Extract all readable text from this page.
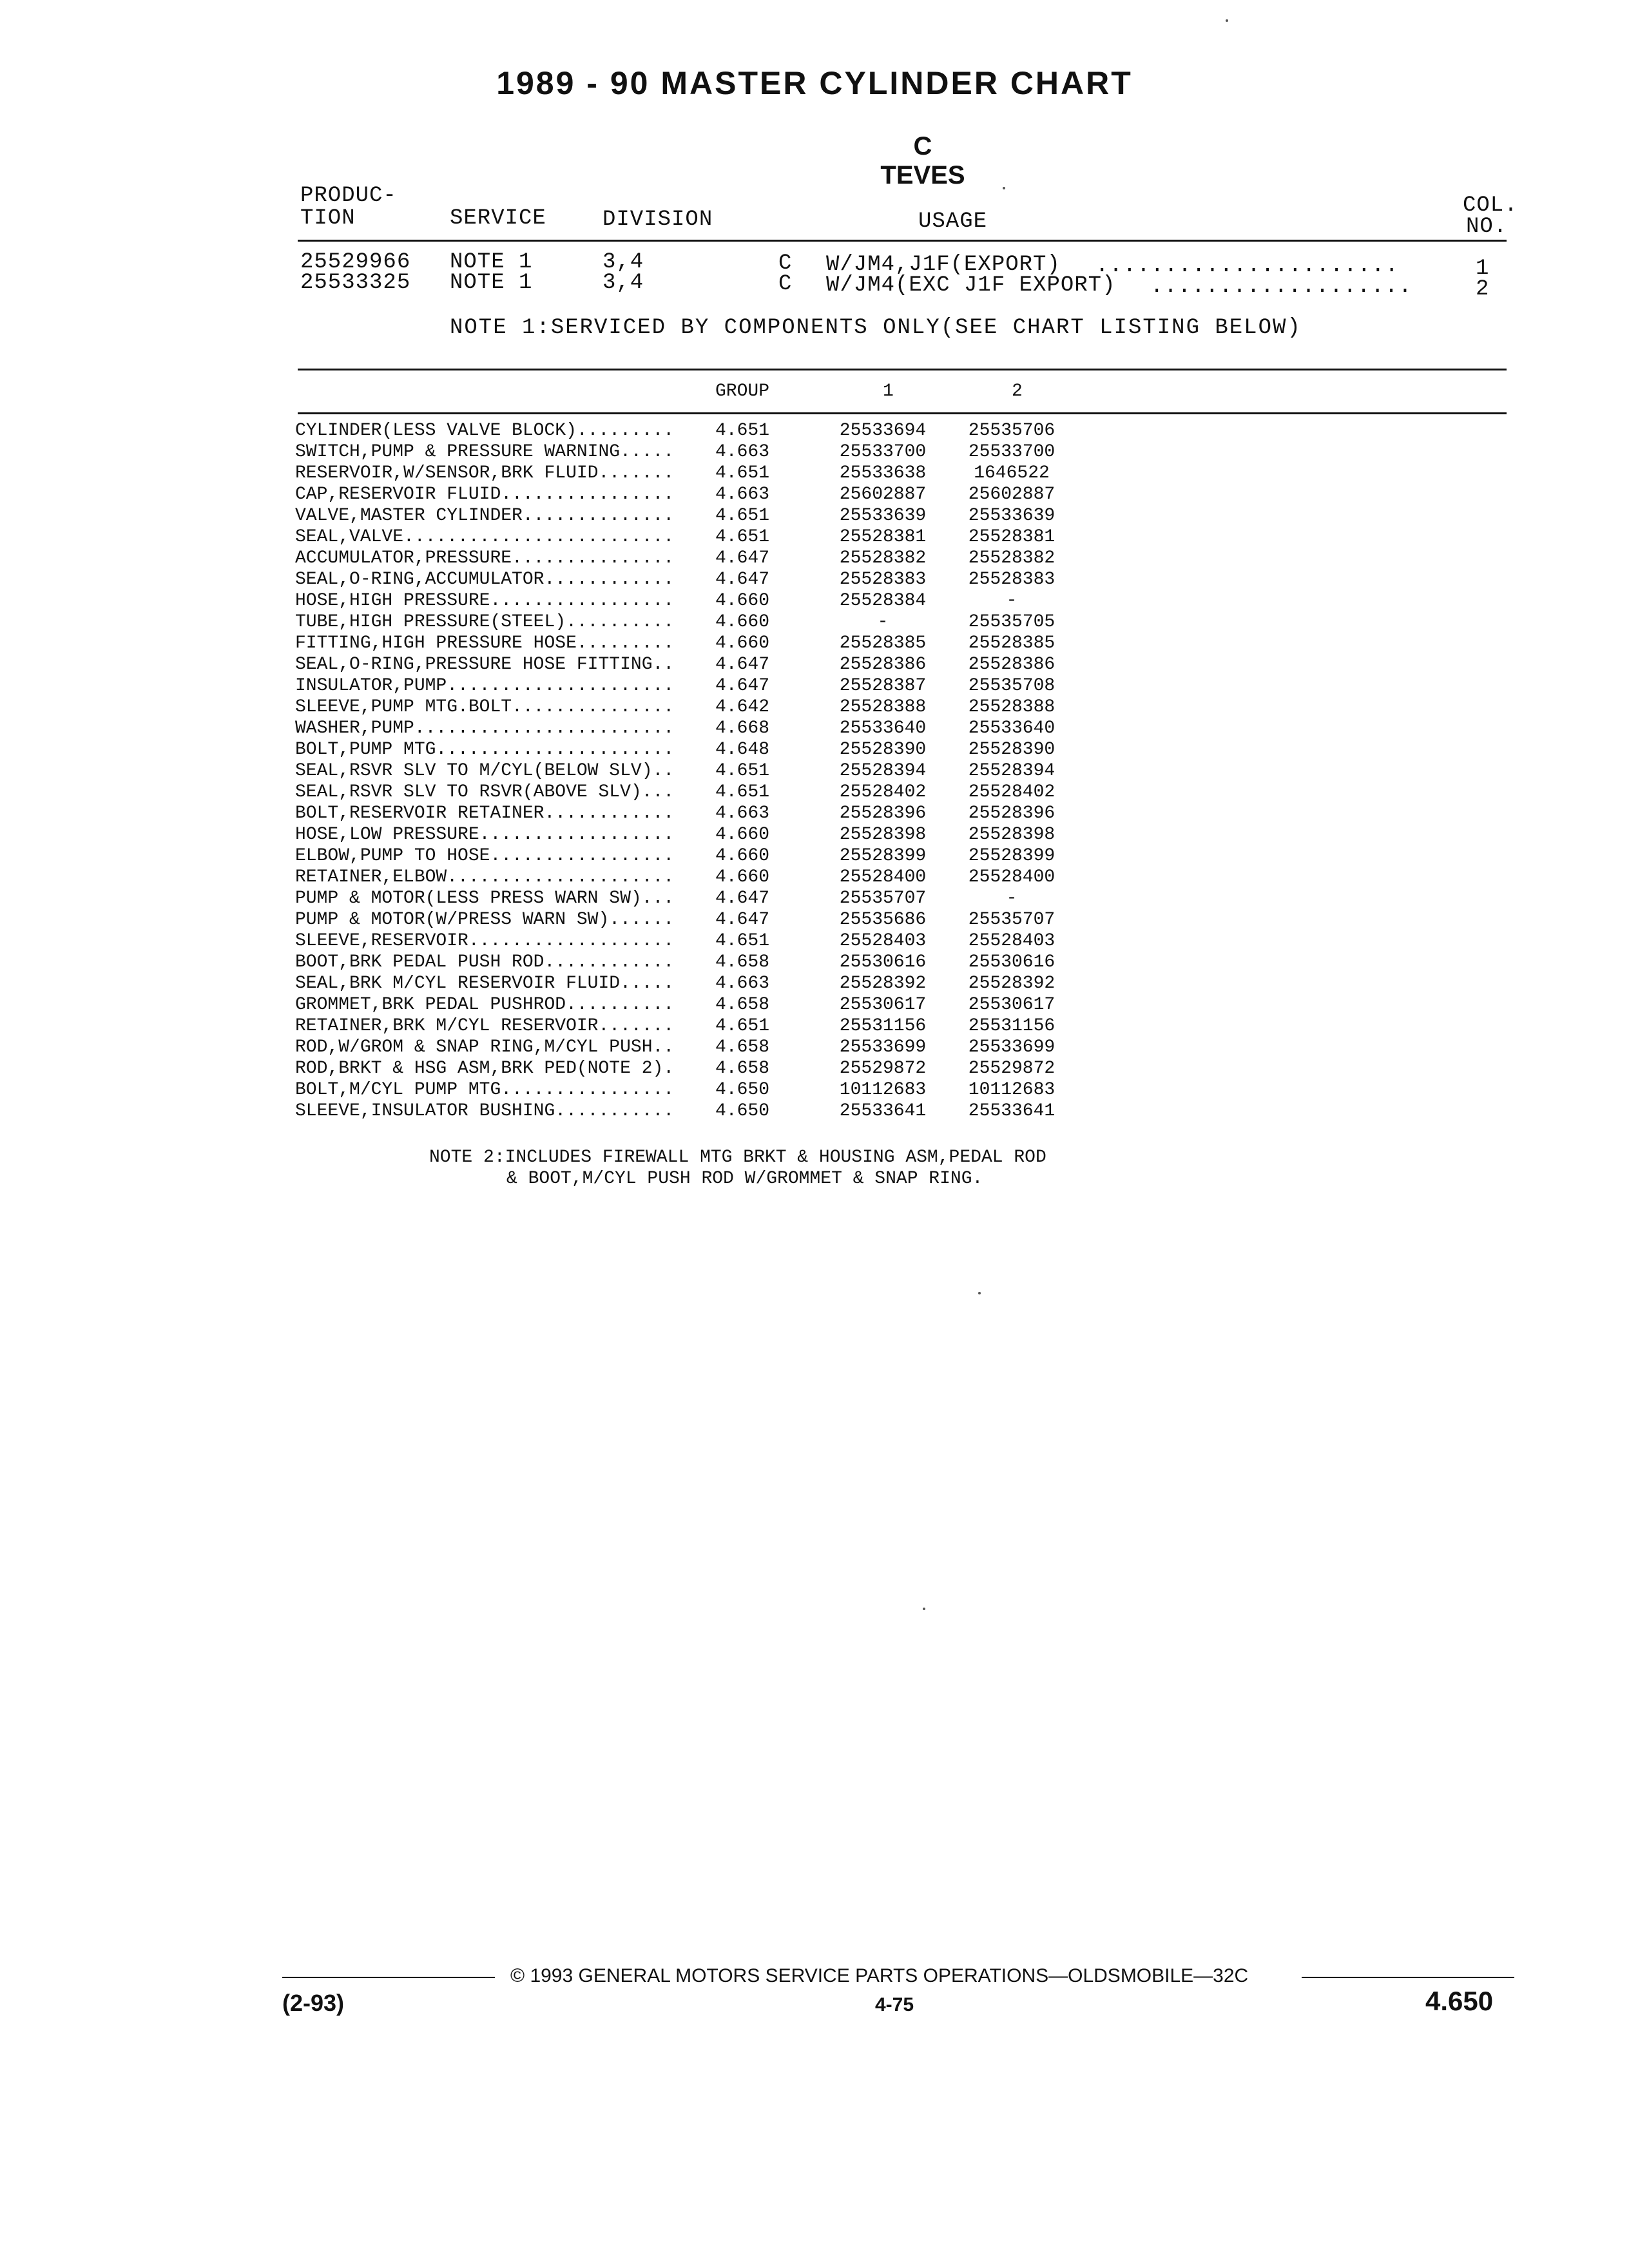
1989 - 90 MASTER CYLINDER CHART
C
TEVES
PRODUC-
TION	SERVICE	DIVISION	USAGE
COL.
NO.
25529966 NOTE 1	3,4	C W/JM4,J1F(EXPORT) ......................	1
25533325 NOTE 1	3,4	C W/JM4(EXC J1F EXPORT) ...................	2
NOTE 1:SERVICED BY COMPONENTS ONLY(SEE CHART LISTING BELOW)
GROUP	1	2
CYLINDER(LESS VALVE BLOCK).........	4.651	25533694	25535706
SWITCH,PUMP & PRESSURE WARNING.....	4.663	25533700	25533700
RESERVOIR,W/SENSOR,BRK FLUID.......	4.651	25533638	1646522
CAP,RESERVOIR FLUID................	4.663	25602887	25602887
VALVE,MASTER CYLINDER..............	4.651	25533639	25533639
SEAL,VALVE.........................	4.651	25528381	25528381
ACCUMULATOR,PRESSURE...............	4.647	25528382	25528382
SEAL,O-RING,ACCUMULATOR............	4.647	25528383	25528383
HOSE,HIGH PRESSURE.................	4.660	25528384	-
TUBE,HIGH PRESSURE(STEEL)..........	4.660	-	25535705
FITTING,HIGH PRESSURE HOSE.........	4.660	25528385	25528385
SEAL,O-RING,PRESSURE HOSE FITTING..	4.647	25528386	25528386
INSULATOR,PUMP.....................	4.647	25528387	25535708
SLEEVE,PUMP MTG.BOLT...............	4.642	25528388	25528388
WASHER,PUMP........................	4.668	25533640	25533640
BOLT,PUMP MTG......................	4.648	25528390	25528390
SEAL,RSVR SLV TO M/CYL(BELOW SLV)..	4.651	25528394	25528394
SEAL,RSVR SLV TO RSVR(ABOVE SLV)...	4.651	25528402	25528402
BOLT,RESERVOIR RETAINER............	4.663	25528396	25528396
HOSE,LOW PRESSURE..................	4.660	25528398	25528398
ELBOW,PUMP TO HOSE.................	4.660	25528399	25528399
RETAINER,ELBOW.....................	4.660	25528400	25528400
PUMP & MOTOR(LESS PRESS WARN SW)...	4.647	25535707	-
PUMP & MOTOR(W/PRESS WARN SW)......	4.647	25535686	25535707
SLEEVE,RESERVOIR...................	4.651	25528403	25528403
BOOT,BRK PEDAL PUSH ROD............	4.658	25530616	25530616
SEAL,BRK M/CYL RESERVOIR FLUID.....	4.663	25528392	25528392
GROMMET,BRK PEDAL PUSHROD..........	4.658	25530617	25530617
RETAINER,BRK M/CYL RESERVOIR.......	4.651	25531156	25531156
ROD,W/GROM & SNAP RING,M/CYL PUSH..	4.658	25533699	25533699
ROD,BRKT & HSG ASM,BRK PED(NOTE 2).	4.658	25529872	25529872
BOLT,M/CYL PUMP MTG................	4.650	10112683	10112683
SLEEVE,INSULATOR BUSHING...........	4.650	25533641	25533641
NOTE 2:INCLUDES FIREWALL MTG BRKT & HOUSING ASM,PEDAL ROD
& BOOT,M/CYL PUSH ROD W/GROMMET & SNAP RING.
© 1993 GENERAL MOTORS SERVICE PARTS OPERATIONS—OLDSMOBILE—32C
(2-93)	4-75	4.650
